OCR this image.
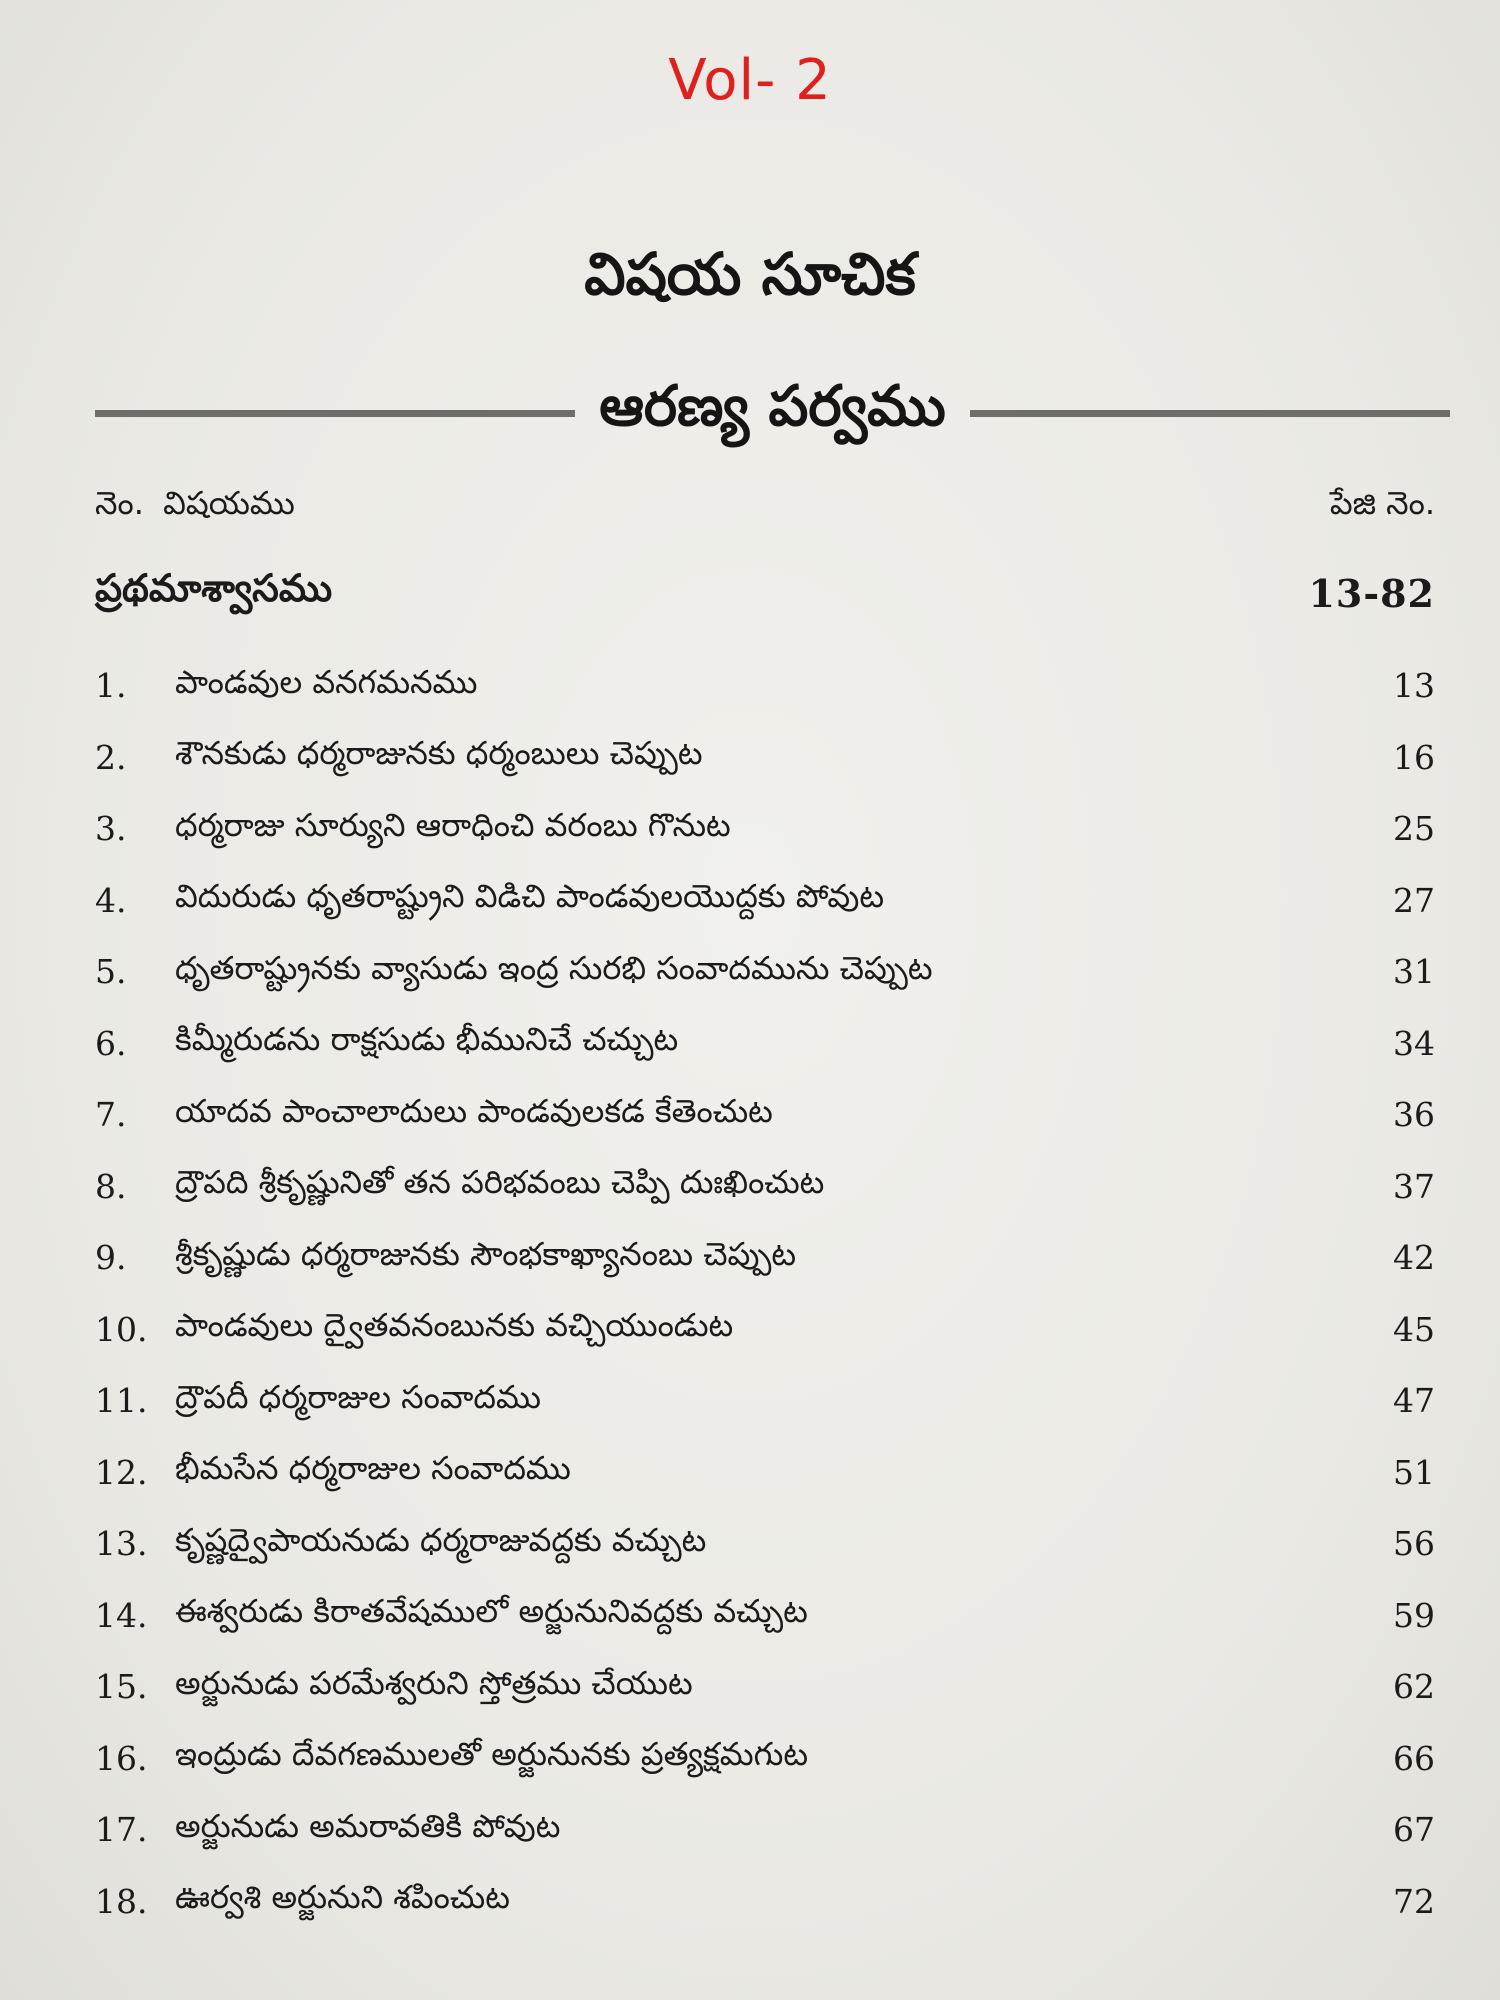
Vol- 2
విషయ సూచిక
ఆరణ్య పర్వము
నెం. విషయము	పేజి నెం.
ప్రథమాశ్వాసము	13-82
1.	పాండవుల వనగమనము	13
2.	శౌనకుడు ధర్మరాజునకు ధర్మంబులు చెప్పుట	16
3.	ధర్మరాజు సూర్యుని ఆరాధించి వరంబు గొనుట	25
4.	విదురుడు ధృతరాష్ట్రుని విడిచి పాండవులయొద్దకు పోవుట	27
5.	ధృతరాష్ట్రునకు వ్యాసుడు ఇంద్ర సురభి సంవాదమును చెప్పుట	31
6.	కిమ్మీరుడను రాక్షసుడు భీమునిచే చచ్చుట	34
7.	యాదవ పాంచాలాదులు పాండవులకడ కేతెంచుట	36
8.	ద్రౌపది శ్రీకృష్ణునితో తన పరిభవంబు చెప్పి దుఃఖించుట	37
9.	శ్రీకృష్ణుడు ధర్మరాజునకు సౌంభకాఖ్యానంబు చెప్పుట	42
10. పాండవులు ద్వైతవనంబునకు వచ్చియుండుట	45
11. ద్రౌపదీ ధర్మరాజుల సంవాదము	47
12. భీమసేన ధర్మరాజుల సంవాదము	51
13. కృష్ణద్వైపాయనుడు ధర్మరాజువద్దకు వచ్చుట	56
14. ఈశ్వరుడు కిరాతవేషములో అర్జునునివద్దకు వచ్చుట	59
15. అర్జునుడు పరమేశ్వరుని స్తోత్రము చేయుట	62
16. ఇంద్రుడు దేవగణములతో అర్జునునకు ప్రత్యక్షమగుట	66
17. అర్జునుడు అమరావతికి పోవుట	67
18. ఊర్వశి అర్జునుని శపించుట	72
